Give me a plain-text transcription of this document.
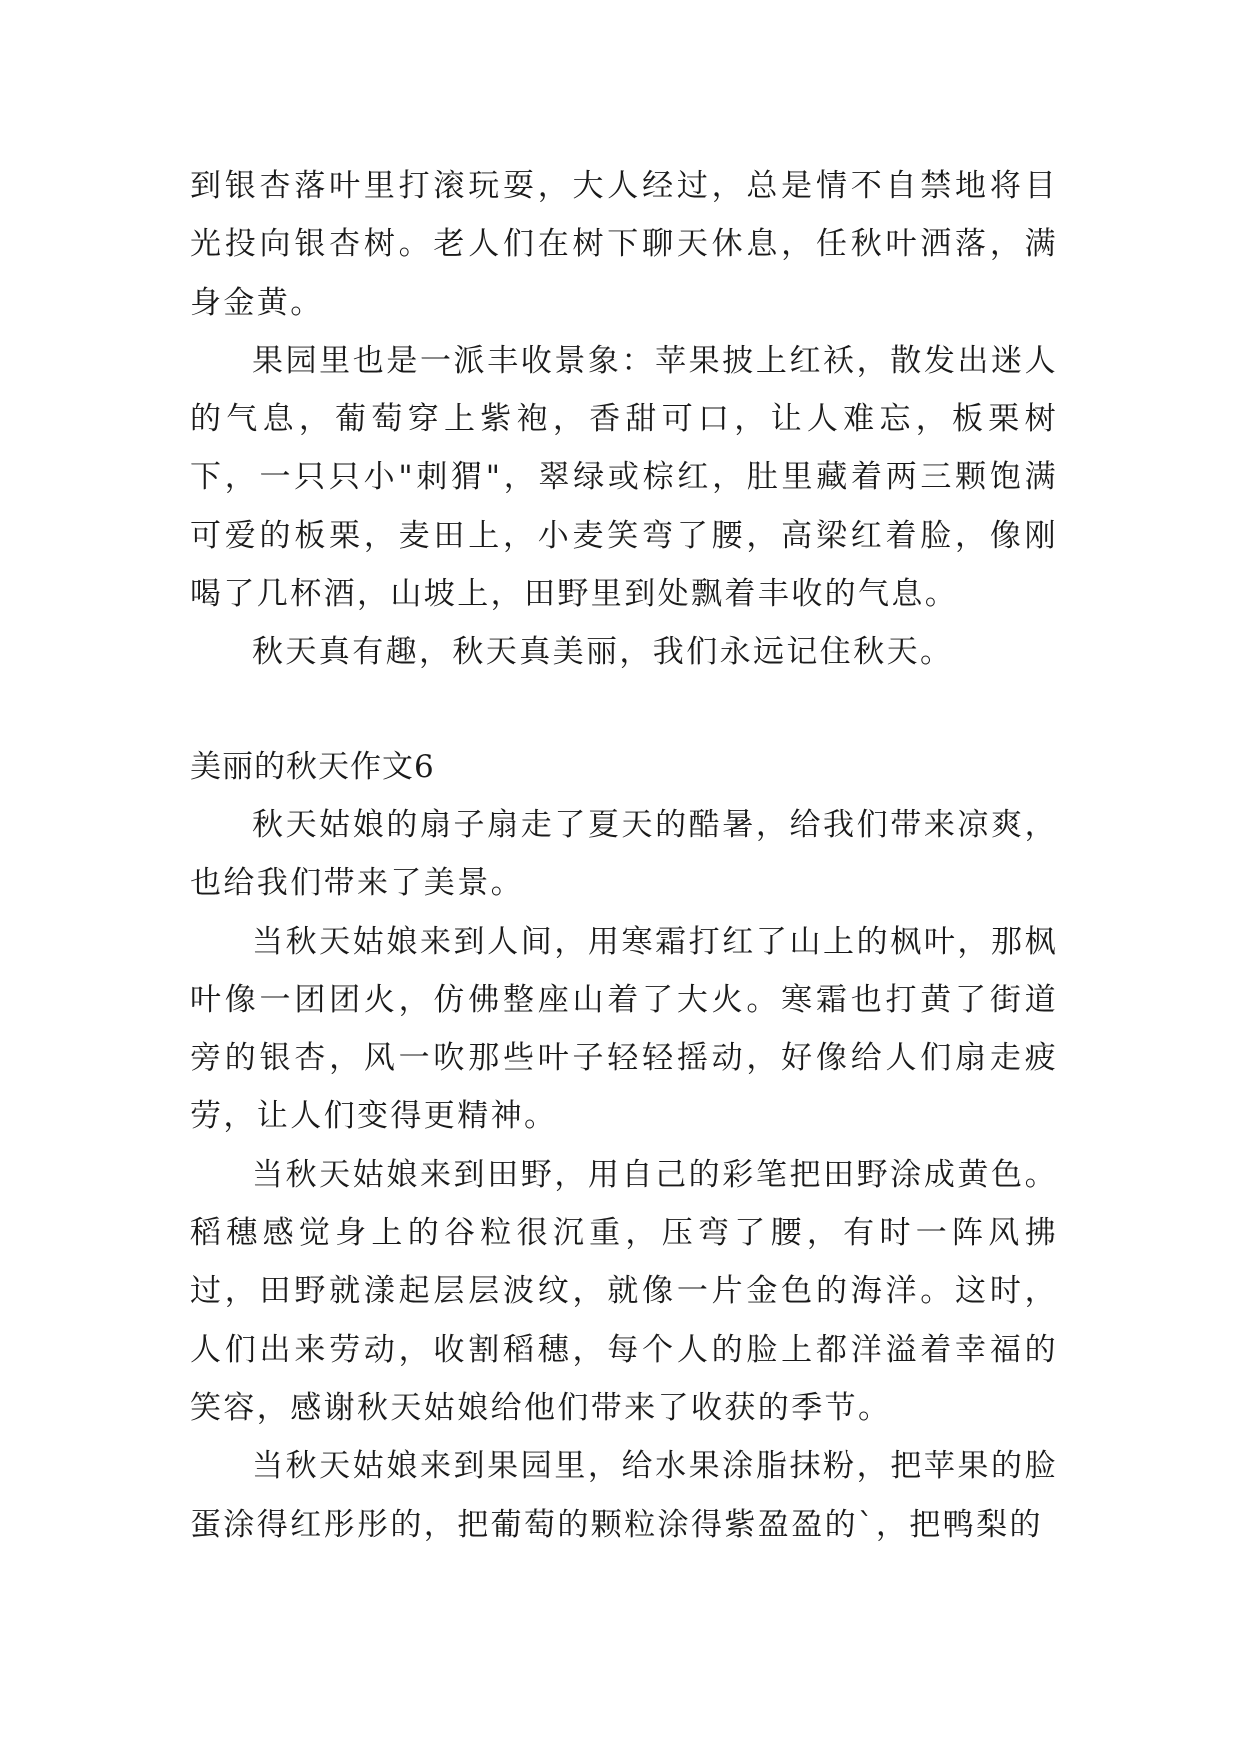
到银杏落叶里打滚玩耍，大人经过，总是情不自禁地将目光投向银杏树。老人们在树下聊天休息，任秋叶洒落，满身金黄。

果园里也是一派丰收景象：苹果披上红袄，散发出迷人的气息，葡萄穿上紫袍，香甜可口，让人难忘，板栗树下，一只只小"刺猬"，翠绿或棕红，肚里藏着两三颗饱满可爱的板栗，麦田上，小麦笑弯了腰，高梁红着脸，像刚喝了几杯酒，山坡上，田野里到处飘着丰收的气息。

秋天真有趣，秋天真美丽，我们永远记住秋天。

美丽的秋天作文6

秋天姑娘的扇子扇走了夏天的酷暑，给我们带来凉爽，也给我们带来了美景。

当秋天姑娘来到人间，用寒霜打红了山上的枫叶，那枫叶像一团团火，仿佛整座山着了大火。寒霜也打黄了街道旁的银杏，风一吹那些叶子轻轻摇动，好像给人们扇走疲劳，让人们变得更精神。

当秋天姑娘来到田野，用自己的彩笔把田野涂成黄色。稻穗感觉身上的谷粒很沉重，压弯了腰，有时一阵风拂过，田野就漾起层层波纹，就像一片金色的海洋。这时，人们出来劳动，收割稻穗，每个人的脸上都洋溢着幸福的笑容，感谢秋天姑娘给他们带来了收获的季节。

当秋天姑娘来到果园里，给水果涂脂抹粉，把苹果的脸蛋涂得红彤彤的，把葡萄的颗粒涂得紫盈盈的`，把鸭梨的
